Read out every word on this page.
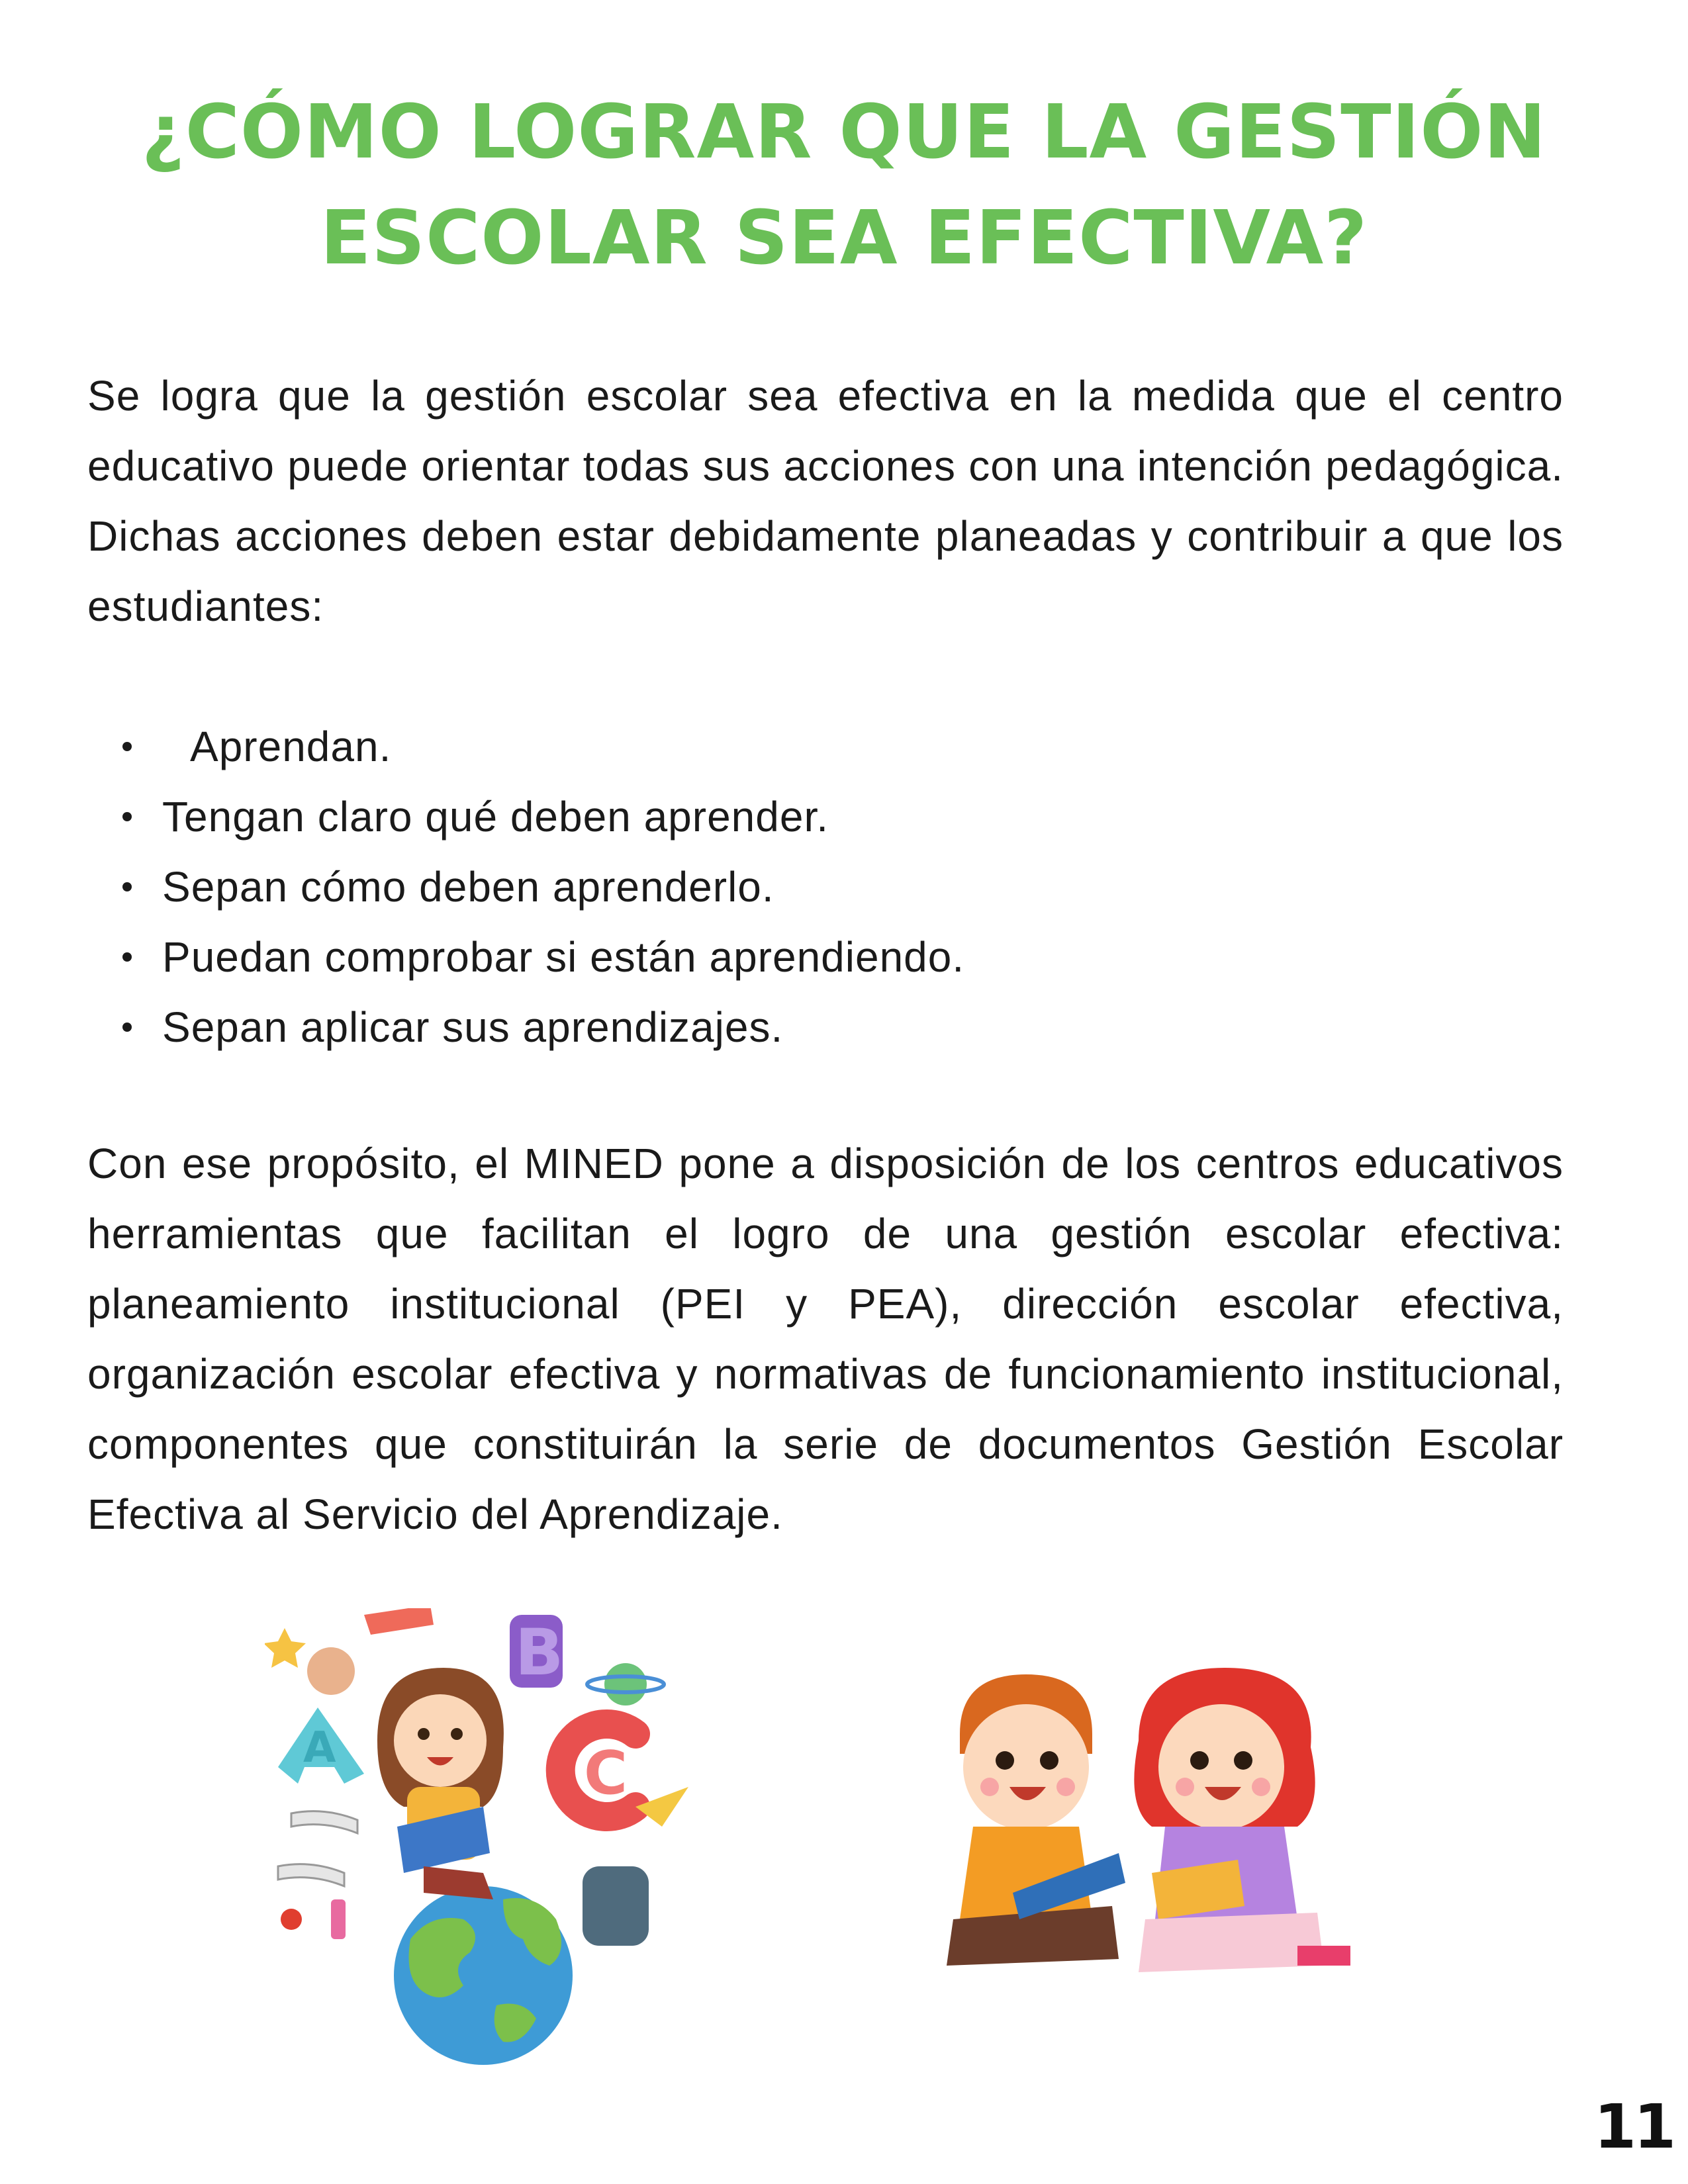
¿CÓMO LOGRAR QUE LA GESTIÓN
ESCOLAR SEA EFECTIVA?

Se logra que la gestión escolar sea efectiva en la medida que el centro educativo puede orientar todas sus acciones con una intención pedagógica. Dichas acciones deben estar debidamente planeadas y contribuir a que los estudiantes:

Aprendan.
Tengan claro qué deben aprender.
Sepan cómo deben aprenderlo.
Puedan comprobar si están aprendiendo.
Sepan aplicar sus aprendizajes.

Con ese propósito, el MINED pone a disposición de los centros educativos herramientas que facilitan el logro de una gestión escolar efectiva: planeamiento institucional (PEI y PEA), dirección escolar efectiva, organización escolar efectiva y normativas de funcionamiento institucional, componentes que constituirán la serie de documentos Gestión Escolar Efectiva al Servicio del Aprendizaje.

A
B
C
11
